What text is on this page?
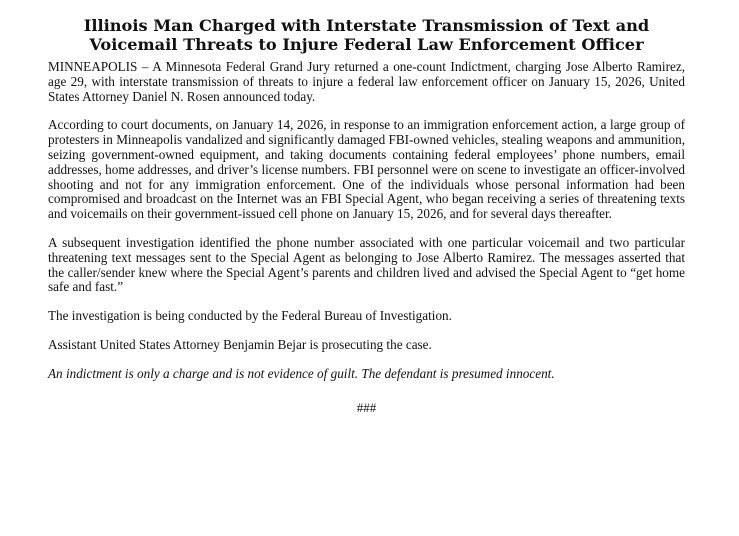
Illinois Man Charged with Interstate Transmission of Text and
Voicemail Threats to Injure Federal Law Enforcement Officer

MINNEAPOLIS – A Minnesota Federal Grand Jury returned a one-count Indictment, charging Jose Alberto Ramirez, age 29, with interstate transmission of threats to injure a federal law enforcement officer on January 15, 2026, United States Attorney Daniel N. Rosen announced today.

According to court documents, on January 14, 2026, in response to an immigration enforcement action, a large group of protesters in Minneapolis vandalized and significantly damaged FBI-owned vehicles, stealing weapons and ammunition, seizing government-owned equipment, and taking documents containing federal employees’ phone numbers, email addresses, home addresses, and driver’s license numbers. FBI personnel were on scene to investigate an officer-involved shooting and not for any immigration enforcement. One of the individuals whose personal information had been compromised and broadcast on the Internet was an FBI Special Agent, who began receiving a series of threatening texts and voicemails on their government-issued cell phone on January 15, 2026, and for several days thereafter.

A subsequent investigation identified the phone number associated with one particular voicemail and two particular threatening text messages sent to the Special Agent as belonging to Jose Alberto Ramirez. The messages asserted that the caller/sender knew where the Special Agent’s parents and children lived and advised the Special Agent to “get home safe and fast.”

The investigation is being conducted by the Federal Bureau of Investigation.

Assistant United States Attorney Benjamin Bejar is prosecuting the case.

An indictment is only a charge and is not evidence of guilt. The defendant is presumed innocent.

###
